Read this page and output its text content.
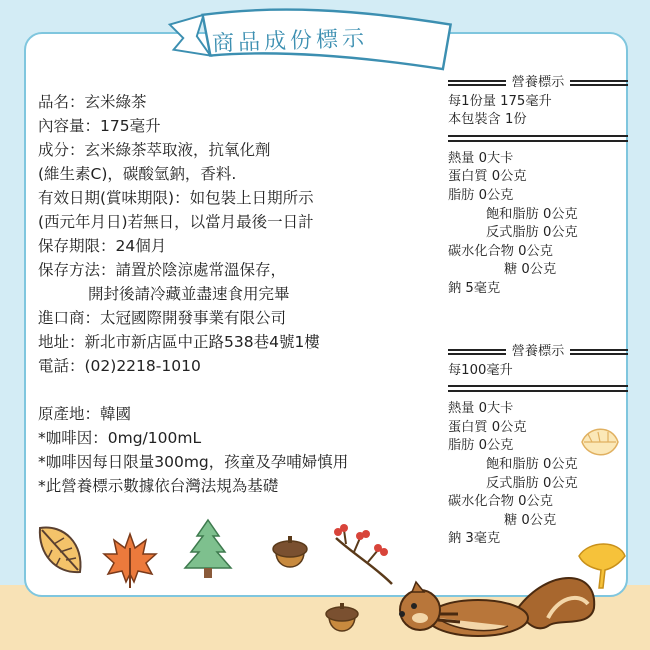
商品成份標示
品名：玄米綠茶
內容量：175毫升
成分：玄米綠茶萃取液，抗氧化劑
(維生素C)，碳酸氫鈉，香料.
有效日期(賞味期限)：如包裝上日期所示
(西元年月日)若無日，以當月最後一日計
保存期限：24個月
保存方法：請置於陰涼處常溫保存，
開封後請冷藏並盡速食用完畢
進口商：太冠國際開發事業有限公司
地址：新北市新店區中正路538巷4號1樓
電話：(02)2218-1010
原產地：韓國
*咖啡因：0mg/100mL
*咖啡因每日限量300mg，孩童及孕哺婦慎用
*此營養標示數據依台灣法規為基礎
營養標示
每1份量 175毫升
本包裝含 1份
熱量 0大卡
蛋白質 0公克
脂肪 0公克
飽和脂肪 0公克
反式脂肪 0公克
碳水化合物 0公克
糖 0公克
鈉 5毫克
營養標示
每100毫升
熱量 0大卡
蛋白質 0公克
脂肪 0公克
飽和脂肪 0公克
反式脂肪 0公克
碳水化合物 0公克
糖 0公克
鈉 3毫克
